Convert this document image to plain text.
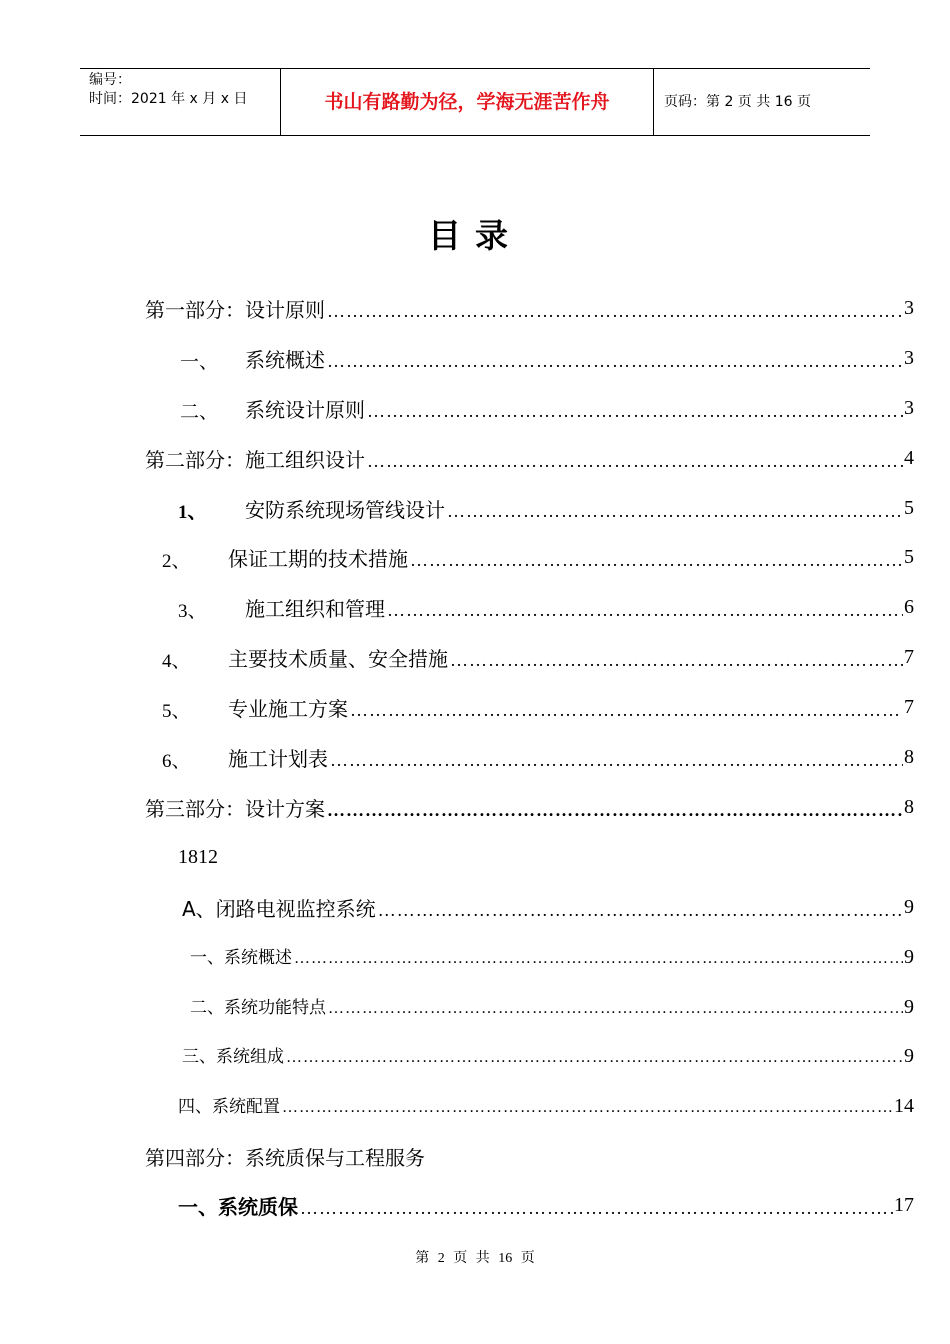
编号：
时间：2021 年 x 月 x 日	书山有路勤为径，学海无涯苦作舟	页码：第 2 页 共 16 页
目录
第一部分：设计原则 ……………………………………………………………………………………………………………………………………………………………………………………………………………………………………………………	3
一、 系统概述 ……………………………………………………………………………………………………………………………………………………………………………………………………………………………………………………	3
二、 系统设计原则 ……………………………………………………………………………………………………………………………………………………………………………………………………………………………………………………	3
第二部分：施工组织设计 ……………………………………………………………………………………………………………………………………………………………………………………………………………………………………………………	4
1、 安防系统现场管线设计 ……………………………………………………………………………………………………………………………………………………………………………………………………………………………………………………	5
2、 保证工期的技术措施 ……………………………………………………………………………………………………………………………………………………………………………………………………………………………………………………	5
3、 施工组织和管理 ……………………………………………………………………………………………………………………………………………………………………………………………………………………………………………………	6
4、 主要技术质量、安全措施 ……………………………………………………………………………………………………………………………………………………………………………………………………………………………………………………	7
5、 专业施工方案 ……………………………………………………………………………………………………………………………………………………………………………………………………………………………………………………	7
6、 施工计划表 ……………………………………………………………………………………………………………………………………………………………………………………………………………………………………………………	8
第三部分：设计方案 ……………………………………………………………………………………………………………………………………………………………………………………………………………………………………………………	8
1812
A、闭路电视监控系统 ……………………………………………………………………………………………………………………………………………………………………………………………………………………………………………………	9
一、系统概述 ……………………………………………………………………………………………………………………………………………………………………………………………………………………………………………………	9
二、系统功能特点 ……………………………………………………………………………………………………………………………………………………………………………………………………………………………………………………	9
三、系统组成 ……………………………………………………………………………………………………………………………………………………………………………………………………………………………………………………	9
四、系统配置 ……………………………………………………………………………………………………………………………………………………………………………………………………………………………………………………	14
第四部分：系统质保与工程服务
一、系统质保 ……………………………………………………………………………………………………………………………………………………………………………………………………………………………………………………	17
第 2 页 共 16 页
